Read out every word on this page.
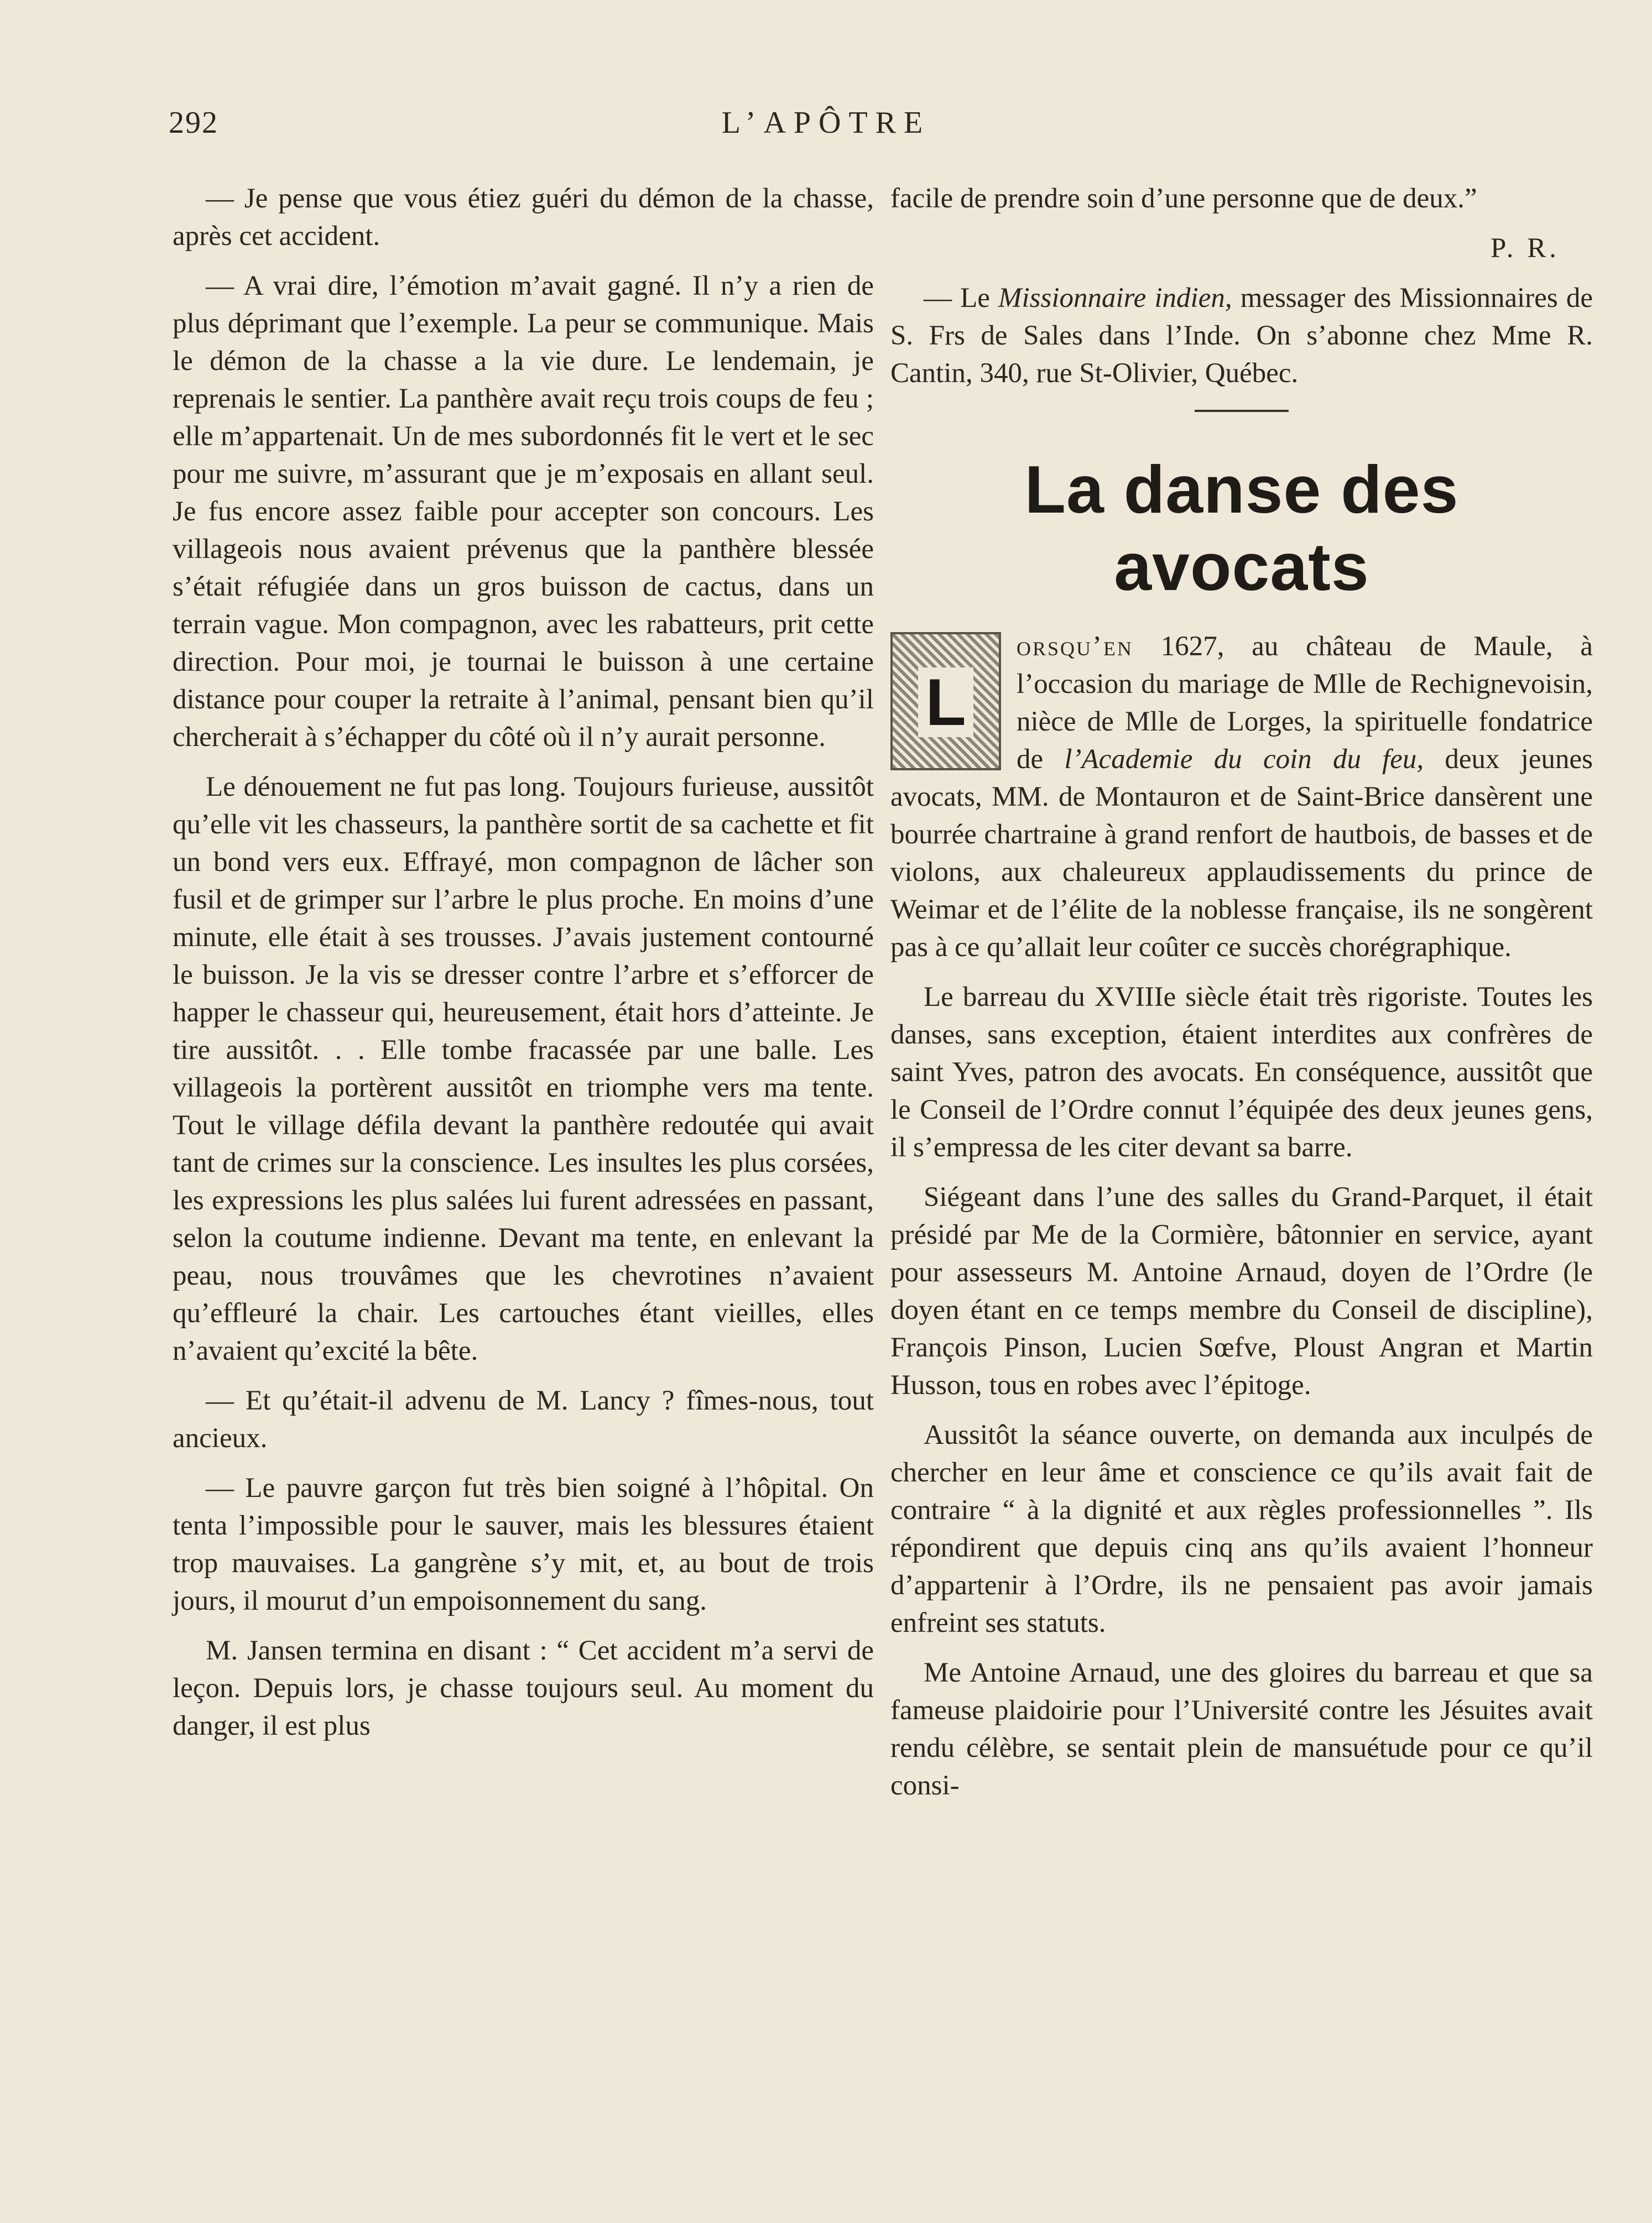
292	L’APÔTRE

— Je pense que vous étiez guéri du démon de la chasse, après cet accident.

— A vrai dire, l’émotion m’avait gagné. Il n’y a rien de plus déprimant que l’exemple. La peur se communique. Mais le démon de la chasse a la vie dure. Le lendemain, je reprenais le sentier. La panthère avait reçu trois coups de feu ; elle m’appartenait. Un de mes subordonnés fit le vert et le sec pour me suivre, m’assurant que je m’exposais en allant seul. Je fus encore assez faible pour accepter son concours. Les villageois nous avaient prévenus que la panthère blessée s’était réfugiée dans un gros buisson de cactus, dans un terrain vague. Mon compagnon, avec les rabatteurs, prit cette direction. Pour moi, je tournai le buisson à une certaine distance pour couper la retraite à l’animal, pensant bien qu’il chercherait à s’échapper du côté où il n’y aurait personne.

Le dénouement ne fut pas long. Toujours furieuse, aussitôt qu’elle vit les chasseurs, la panthère sortit de sa cachette et fit un bond vers eux. Effrayé, mon compagnon de lâcher son fusil et de grimper sur l’arbre le plus proche. En moins d’une minute, elle était à ses trousses. J’avais justement contourné le buisson. Je la vis se dresser contre l’arbre et s’efforcer de happer le chasseur qui, heureusement, était hors d’atteinte. Je tire aussitôt. . . Elle tombe fracassée par une balle. Les villageois la portèrent aussitôt en triomphe vers ma tente. Tout le village défila devant la panthère redoutée qui avait tant de crimes sur la conscience. Les insultes les plus corsées, les expressions les plus salées lui furent adressées en passant, selon la coutume indienne. Devant ma tente, en enlevant la peau, nous trouvâmes que les chevrotines n’avaient qu’effleuré la chair. Les cartouches étant vieilles, elles n’avaient qu’excité la bête.

— Et qu’était-il advenu de M. Lancy ? fîmes-nous, tout ancieux.

— Le pauvre garçon fut très bien soigné à l’hôpital. On tenta l’impossible pour le sauver, mais les blessures étaient trop mauvaises. La gangrène s’y mit, et, au bout de trois jours, il mourut d’un empoisonnement du sang.

M. Jansen termina en disant : “ Cet accident m’a servi de leçon. Depuis lors, je chasse toujours seul. Au moment du danger, il est plus

facile de prendre soin d’une personne que de deux.”

P. R.

— Le Missionnaire indien, messager des Missionnaires de S. Frs de Sales dans l’Inde. On s’abonne chez Mme R. Cantin, 340, rue St-Olivier, Québec.

La danse des avocats

L
orsqu’en 1627, au château de Maule, à l’occasion du mariage de Mlle de Rechignevoisin, nièce de Mlle de Lorges, la spirituelle fondatrice de l’Academie du coin du feu, deux jeunes avocats, MM. de Montauron et de Saint-Brice dansèrent une bourrée chartraine à grand renfort de hautbois, de basses et de violons, aux chaleureux applaudissements du prince de Weimar et de l’élite de la noblesse française, ils ne songèrent pas à ce qu’allait leur coûter ce succès chorégraphique.

Le barreau du XVIIIe siècle était très rigoriste. Toutes les danses, sans exception, étaient interdites aux confrères de saint Yves, patron des avocats. En conséquence, aussitôt que le Conseil de l’Ordre connut l’équipée des deux jeunes gens, il s’empressa de les citer devant sa barre.

Siégeant dans l’une des salles du Grand-Parquet, il était présidé par Me de la Cormière, bâtonnier en service, ayant pour assesseurs M. Antoine Arnaud, doyen de l’Ordre (le doyen étant en ce temps membre du Conseil de discipline), François Pinson, Lucien Sœfve, Ploust Angran et Martin Husson, tous en robes avec l’épitoge.

Aussitôt la séance ouverte, on demanda aux inculpés de chercher en leur âme et conscience ce qu’ils avait fait de contraire “ à la dignité et aux règles professionnelles ”. Ils répondirent que depuis cinq ans qu’ils avaient l’honneur d’appartenir à l’Ordre, ils ne pensaient pas avoir jamais enfreint ses statuts.

Me Antoine Arnaud, une des gloires du barreau et que sa fameuse plaidoirie pour l’Université contre les Jésuites avait rendu célèbre, se sentait plein de mansuétude pour ce qu’il consi-
